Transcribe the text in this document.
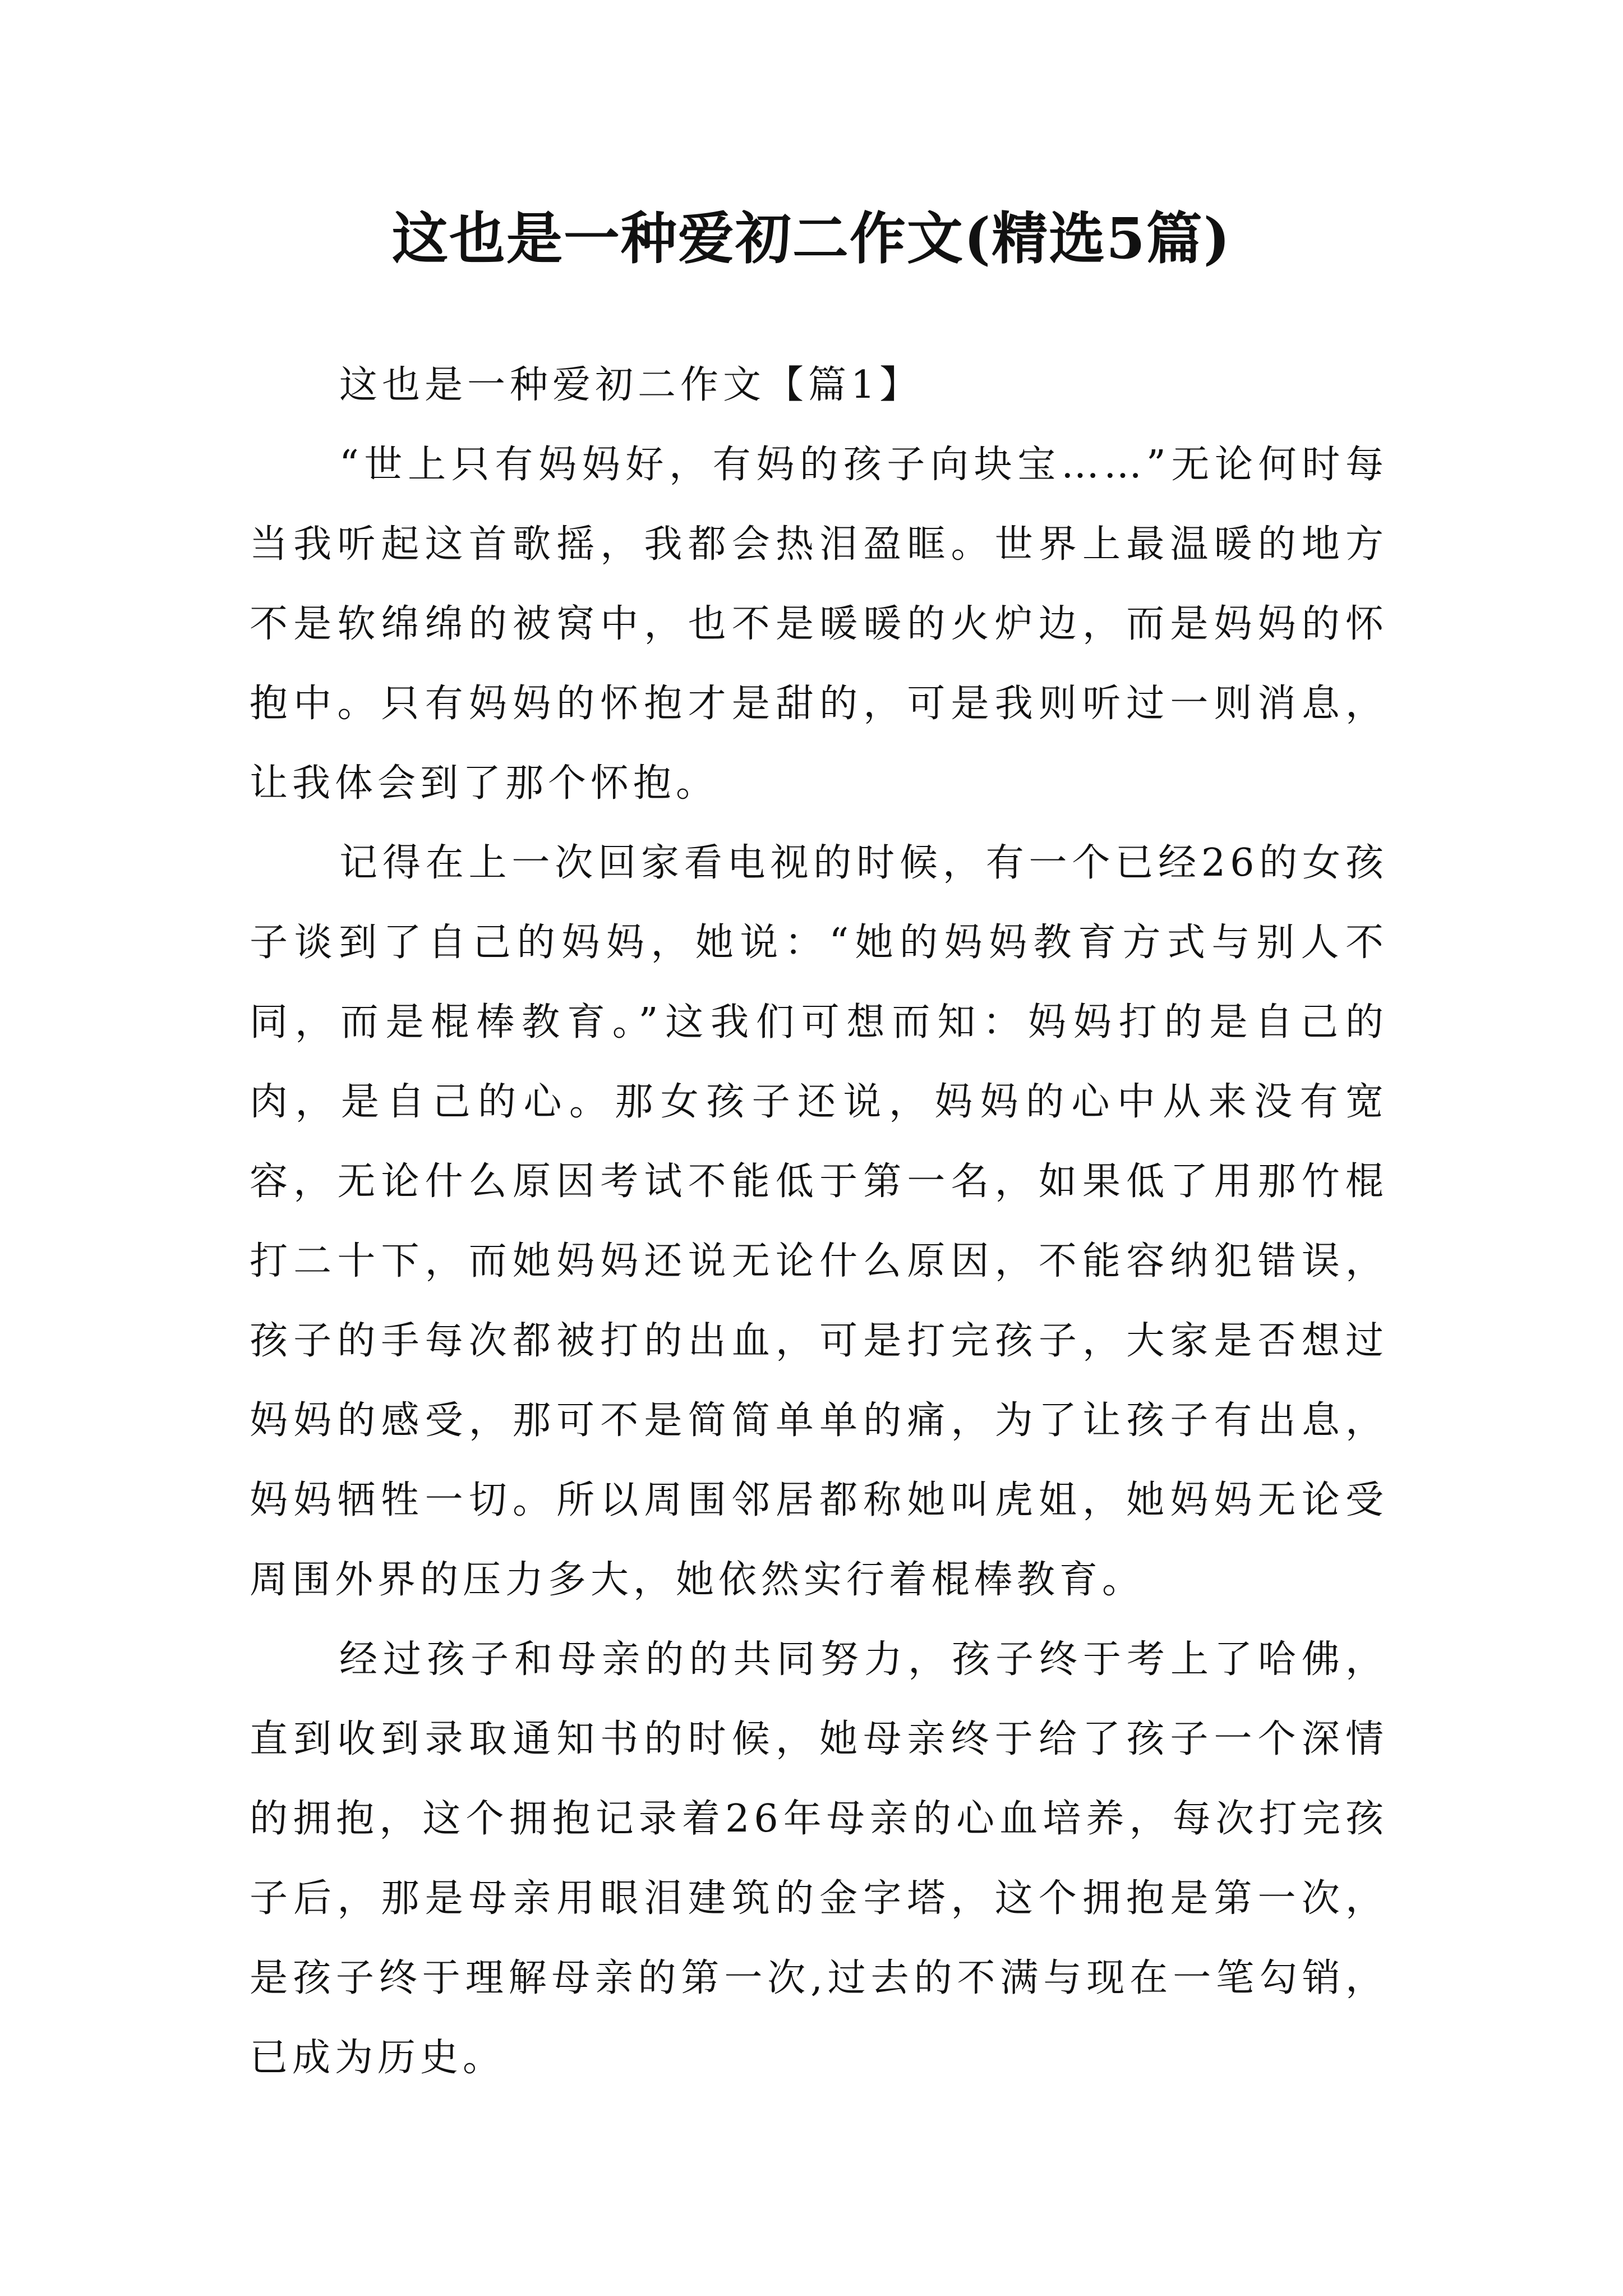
这也是一种爱初二作文(精选5篇)

这也是一种爱初二作文【篇1】

“世上只有妈妈好，有妈的孩子向块宝……”无论何时每当我听起这首歌摇，我都会热泪盈眶。世界上最温暖的地方不是软绵绵的被窝中，也不是暖暖的火炉边，而是妈妈的怀抱中。只有妈妈的怀抱才是甜的，可是我则听过一则消息，让我体会到了那个怀抱。

记得在上一次回家看电视的时候，有一个已经26的女孩子谈到了自己的妈妈，她说：“她的妈妈教育方式与别人不同，而是棍棒教育。”这我们可想而知：妈妈打的是自己的肉，是自己的心。那女孩子还说，妈妈的心中从来没有宽容，无论什么原因考试不能低于第一名，如果低了用那竹棍打二十下，而她妈妈还说无论什么原因，不能容纳犯错误，孩子的手每次都被打的出血，可是打完孩子，大家是否想过妈妈的感受，那可不是简简单单的痛，为了让孩子有出息，妈妈牺牲一切。所以周围邻居都称她叫虎姐，她妈妈无论受周围外界的压力多大，她依然实行着棍棒教育。

经过孩子和母亲的的共同努力，孩子终于考上了哈佛，直到收到录取通知书的时候，她母亲终于给了孩子一个深情的拥抱，这个拥抱记录着26年母亲的心血培养，每次打完孩子后，那是母亲用眼泪建筑的金字塔，这个拥抱是第一次，是孩子终于理解母亲的第一次,过去的不满与现在一笔勾销，已成为历史。
